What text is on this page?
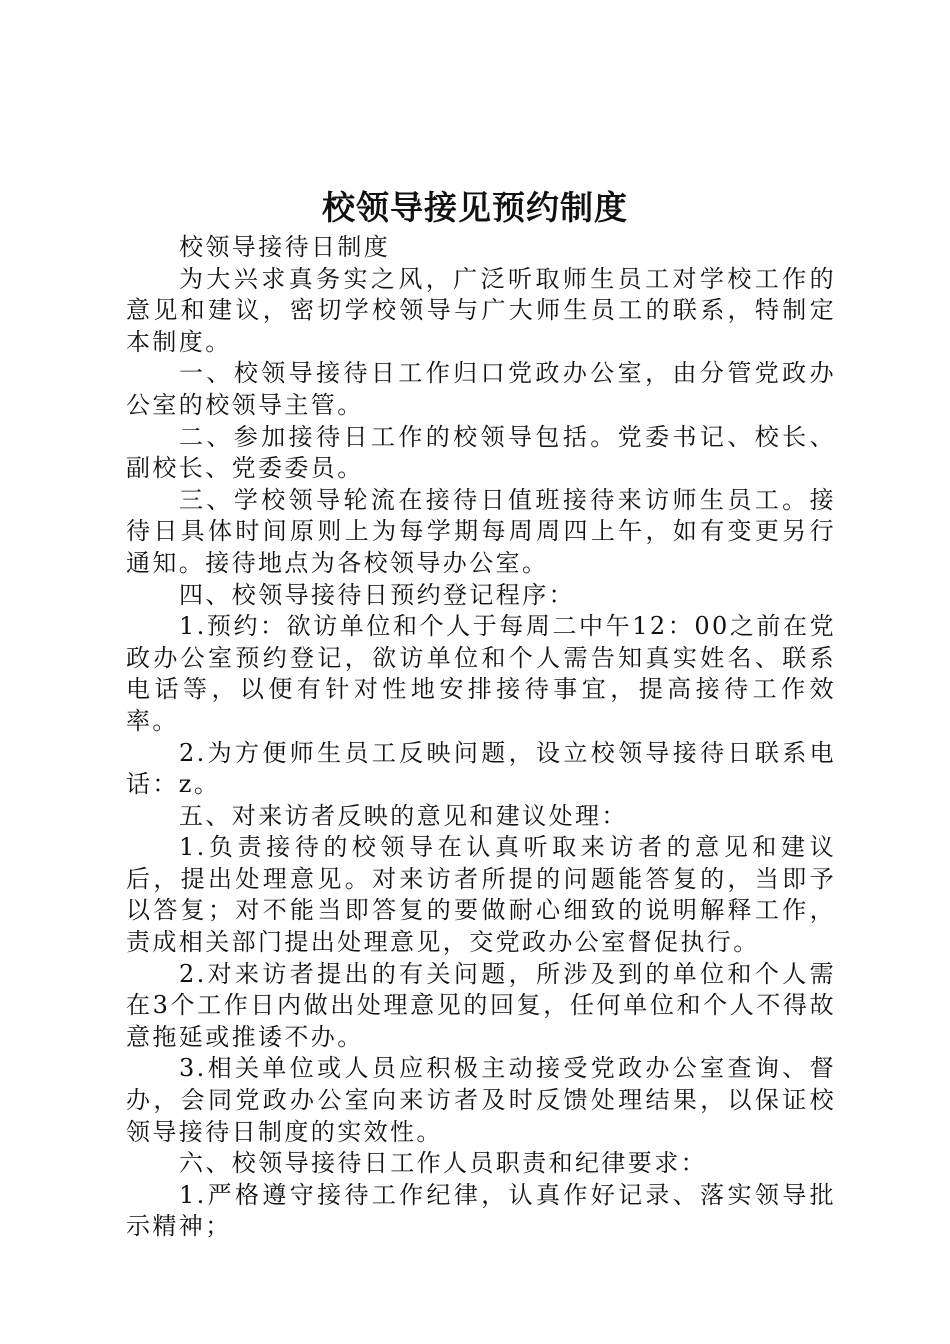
校领导接见预约制度

校领导接待日制度

为大兴求真务实之风，广泛听取师生员工对学校工作的意见和建议，密切学校领导与广大师生员工的联系，特制定本制度。

一、校领导接待日工作归口党政办公室，由分管党政办公室的校领导主管。

二、参加接待日工作的校领导包括。党委书记、校长、副校长、党委委员。

三、学校领导轮流在接待日值班接待来访师生员工。接待日具体时间原则上为每学期每周周四上午，如有变更另行通知。接待地点为各校领导办公室。

四、校领导接待日预约登记程序：

1.预约：欲访单位和个人于每周二中午12：00之前在党政办公室预约登记，欲访单位和个人需告知真实姓名、联系电话等，以便有针对性地安排接待事宜，提高接待工作效率。

2.为方便师生员工反映问题，设立校领导接待日联系电话：z。

五、对来访者反映的意见和建议处理：

1.负责接待的校领导在认真听取来访者的意见和建议后，提出处理意见。对来访者所提的问题能答复的，当即予以答复；对不能当即答复的要做耐心细致的说明解释工作，责成相关部门提出处理意见，交党政办公室督促执行。

2.对来访者提出的有关问题，所涉及到的单位和个人需在3个工作日内做出处理意见的回复，任何单位和个人不得故意拖延或推诿不办。

3.相关单位或人员应积极主动接受党政办公室查询、督办，会同党政办公室向来访者及时反馈处理结果，以保证校领导接待日制度的实效性。

六、校领导接待日工作人员职责和纪律要求：

1.严格遵守接待工作纪律，认真作好记录、落实领导批示精神；
